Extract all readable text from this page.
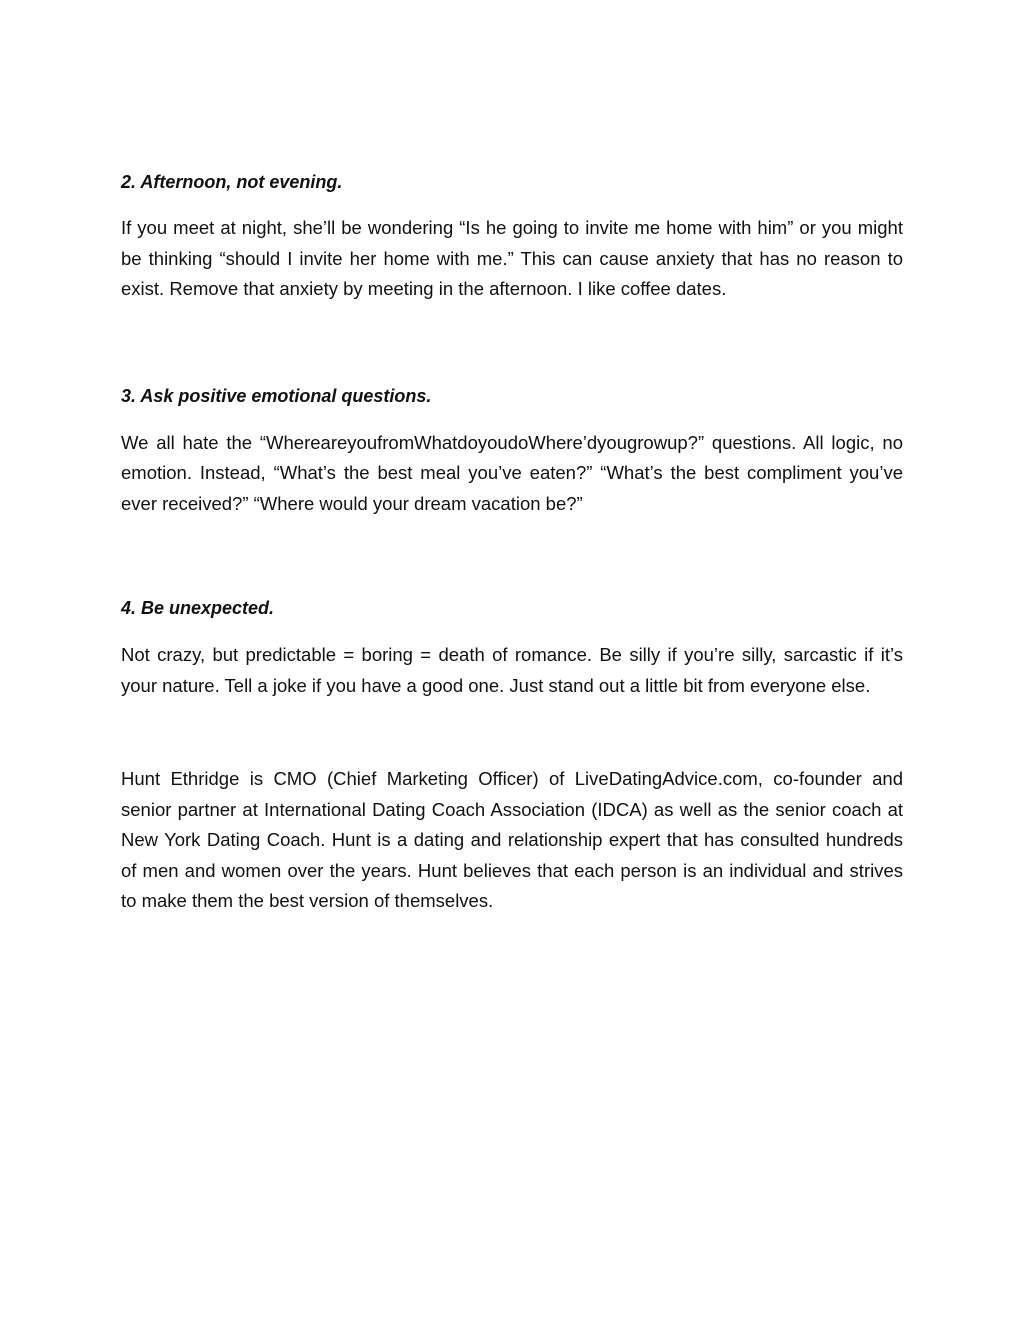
2. Afternoon, not evening.

If you meet at night, she’ll be wondering “Is he going to invite me home with him” or you might be thinking “should I invite her home with me.” This can cause anxiety that has no reason to exist. Remove that anxiety by meeting in the afternoon. I like coffee dates.

3. Ask positive emotional questions.

We all hate the “WhereareyoufromWhatdoyoudoWhere’dyougrowup?” questions. All logic, no emotion. Instead, “What’s the best meal you’ve eaten?” “What’s the best compliment you’ve ever received?” “Where would your dream vacation be?”

4. Be unexpected.

Not crazy, but predictable = boring = death of romance. Be silly if you’re silly, sarcastic if it’s your nature. Tell a joke if you have a good one. Just stand out a little bit from everyone else.

Hunt Ethridge is CMO (Chief Marketing Officer) of LiveDatingAdvice.com, co-founder and senior partner at International Dating Coach Association (IDCA) as well as the senior coach at New York Dating Coach. Hunt is a dating and relationship expert that has consulted hundreds of men and women over the years. Hunt believes that each person is an individual and strives to make them the best version of themselves.
